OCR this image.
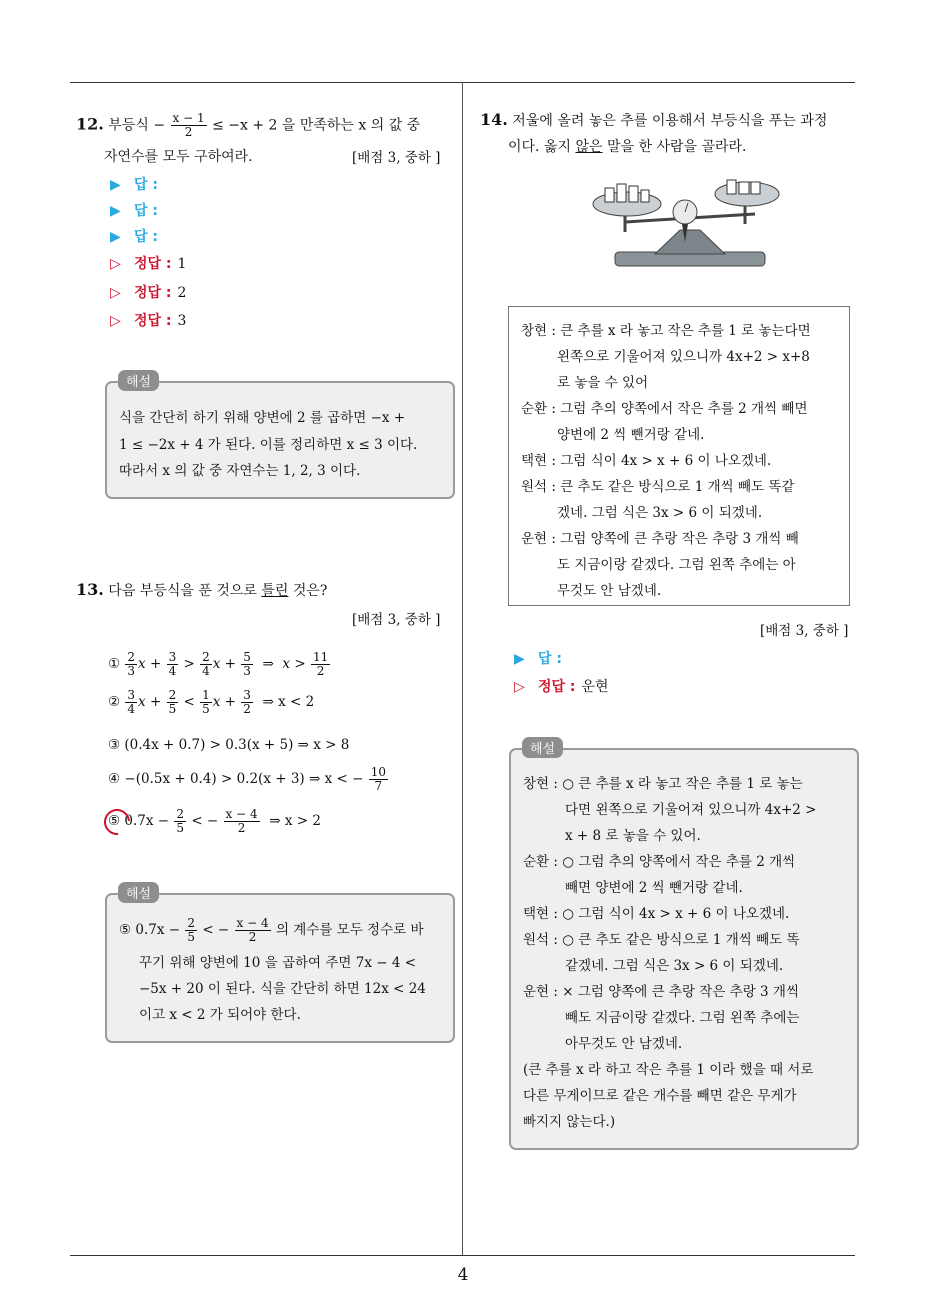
4
12. 부등식 − $\frac{x - 1}{2} \le -x + 2$ 을 만족하는 x 의 값 중
자연수를 모두 구하여라.	[배점 3, 중하 ]
▶ 답 :
▶ 답 :
▶ 답 :
▷ 정답 : 1
▷ 정답 : 2
▷ 정답 : 3
식을 간단히 하기 위해 양변에 2 를 곱하면 −x +
1 ≤ −2x + 4 가 된다. 이를 정리하면 x ≤ 3 이다.
따라서 x 의 값 중 자연수는 1, 2, 3 이다.
해설
13. 다음 부등식을 푼 것으로 틀린 것은?
[배점 3, 중하 ]
① $\frac{2}{3}$ $x + \frac{3}{4} > \frac{2}{4}$ $x + \frac{5}{3}$ ⇒  $x > \frac{11}{2}$
② $\frac{3}{4}$ $x + \frac{2}{5} < \frac{1}{5}$ $x + \frac{3}{2}$ ⇒ x < 2
③ (0.4x + 0.7) > 0.3(x + 5) ⇒ x > 8
④ −(0.5x + 0.4) > 0.2(x + 3) ⇒ x < − $\frac{10}{7}$
⑤ $0.7x - \frac{2}{5}$ < − $\frac{x - 4}{2}$ ⇒ x > 2
⑤ $0.7x - \frac{2}{5}$ < − $\frac{x - 4}{2}$ 의 계수를 모두 정수로 바
꾸기 위해 양변에 10 을 곱하여 주면 7x − 4 <
−5x + 20 이 된다. 식을 간단히 하면 12x < 24
이고 x < 2 가 되어야 한다.
해설
14. 저울에 올려 놓은 추를 이용해서 부등식을 푸는 과정
이다. 옳지 않은 말을 한 사람을 골라라.
창현 : 큰 추를 x 라 놓고 작은 추를 1 로 놓는다면
왼쪽으로 기울어져 있으니까 4x+2 > x+8
로 놓을 수 있어
순환 : 그럼 추의 양쪽에서 작은 추를 2 개씩 빼면
양변에 2 씩 뺀거랑 같네.
택현 : 그럼 식이 4x > x + 6 이 나오겠네.
원석 : 큰 추도 같은 방식으로 1 개씩 빼도 똑같
겠네. 그럼 식은 3x > 6 이 되겠네.
운현 : 그럼 양쪽에 큰 추랑 작은 추랑 3 개씩 빼
도 지금이랑 같겠다. 그럼 왼쪽 추에는 아
무것도 안 남겠네.
[배점 3, 중하 ]
▶ 답 :
▷ 정답 : 운현
창현 : ○ 큰 추를 x 라 놓고 작은 추를 1 로 놓는
다면 왼쪽으로 기울어져 있으니까 4x+2 >
x + 8 로 놓을 수 있어.
순환 : ○ 그럼 추의 양쪽에서 작은 추를 2 개씩
빼면 양변에 2 씩 뺀거랑 같네.
택현 : ○ 그럼 식이 4x > x + 6 이 나오겠네.
원석 : ○ 큰 추도 같은 방식으로 1 개씩 빼도 똑
같겠네. 그럼 식은 3x > 6 이 되겠네.
운현 : × 그럼 양쪽에 큰 추랑 작은 추랑 3 개씩
빼도 지금이랑 같겠다. 그럼 왼쪽 추에는
아무것도 안 남겠네.
(큰 추를 x 라 하고 작은 추를 1 이라 했을 때 서로
다른 무게이므로 같은 개수를 빼면 같은 무게가
빠지지 않는다.)
해설
